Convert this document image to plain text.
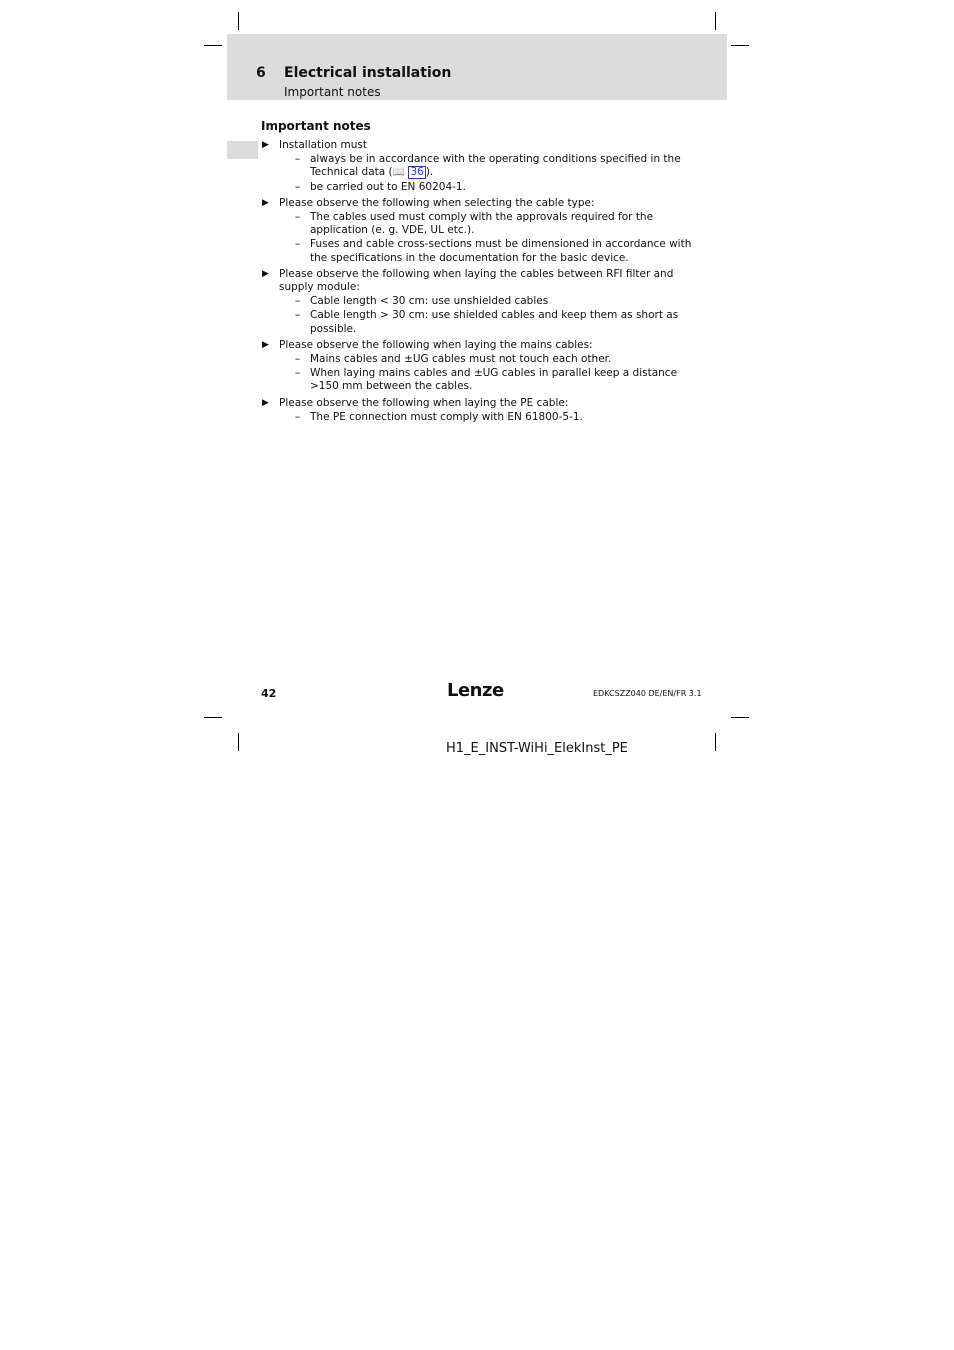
6 Electrical installation
Important notes
Important notes
▶ Installation must
– always be in accordance with the operating conditions specified in the Technical data (📖 36 ).
– be carried out to EN 60204-1.
▶ Please observe the following when selecting the cable type:
– The cables used must comply with the approvals required for the application (e. g. VDE, UL etc.).
– Fuses and cable cross-sections must be dimensioned in accordance with the specifications in the documentation for the basic device.
▶ Please observe the following when laying the cables between RFI filter and supply module:
– Cable length < 30 cm: use unshielded cables
– Cable length > 30 cm: use shielded cables and keep them as short as possible.
▶ Please observe the following when laying the mains cables:
– Mains cables and ±UG cables must not touch each other.
– When laying mains cables and ±UG cables in parallel keep a distance >150 mm between the cables.
▶ Please observe the following when laying the PE cable:
– The PE connection must comply with EN 61800-5-1.
42	Lenze	EDKCSZZ040 DE/EN/FR 3.1
H1_E_INST-WiHi_ElekInst_PE
